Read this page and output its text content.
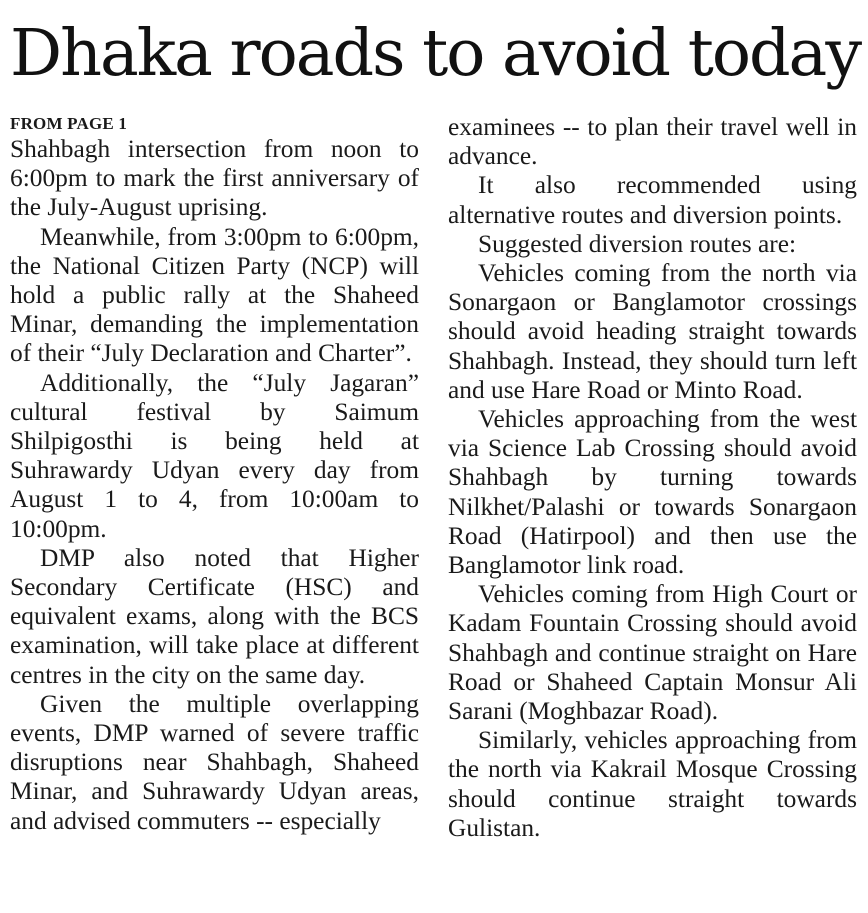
Dhaka roads to avoid today
FROM PAGE 1

Shahbagh intersection from noon to 6:00pm to mark the first anniversary of the July-August uprising.

Meanwhile, from 3:00pm to 6:00pm, the National Citizen Party (NCP) will hold a public rally at the Shaheed Minar, demanding the implementation of their “July Declaration and Charter”.

Additionally, the “July Jagaran” cultural festival by Saimum Shilpigosthi is being held at Suhrawardy Udyan every day from August 1 to 4, from 10:00am to 10:00pm.

DMP also noted that Higher Secondary Certificate (HSC) and equivalent exams, along with the BCS examination, will take place at different centres in the city on the same day.

Given the multiple overlapping events, DMP warned of severe traffic disruptions near Shahbagh, Shaheed Minar, and Suhrawardy Udyan areas, and advised commuters -- especially

examinees -- to plan their travel well in advance.

It also recommended using alternative routes and diversion points.

Suggested diversion routes are:

Vehicles coming from the north via Sonargaon or Banglamotor crossings should avoid heading straight towards Shahbagh. Instead, they should turn left and use Hare Road or Minto Road.

Vehicles approaching from the west via Science Lab Crossing should avoid Shahbagh by turning towards Nilkhet/Palashi or towards Sonargaon Road (Hatirpool) and then use the Banglamotor link road.

Vehicles coming from High Court or Kadam Fountain Crossing should avoid Shahbagh and continue straight on Hare Road or Shaheed Captain Monsur Ali Sarani (Moghbazar Road).

Similarly, vehicles approaching from the north via Kakrail Mosque Crossing should continue straight towards Gulistan.
